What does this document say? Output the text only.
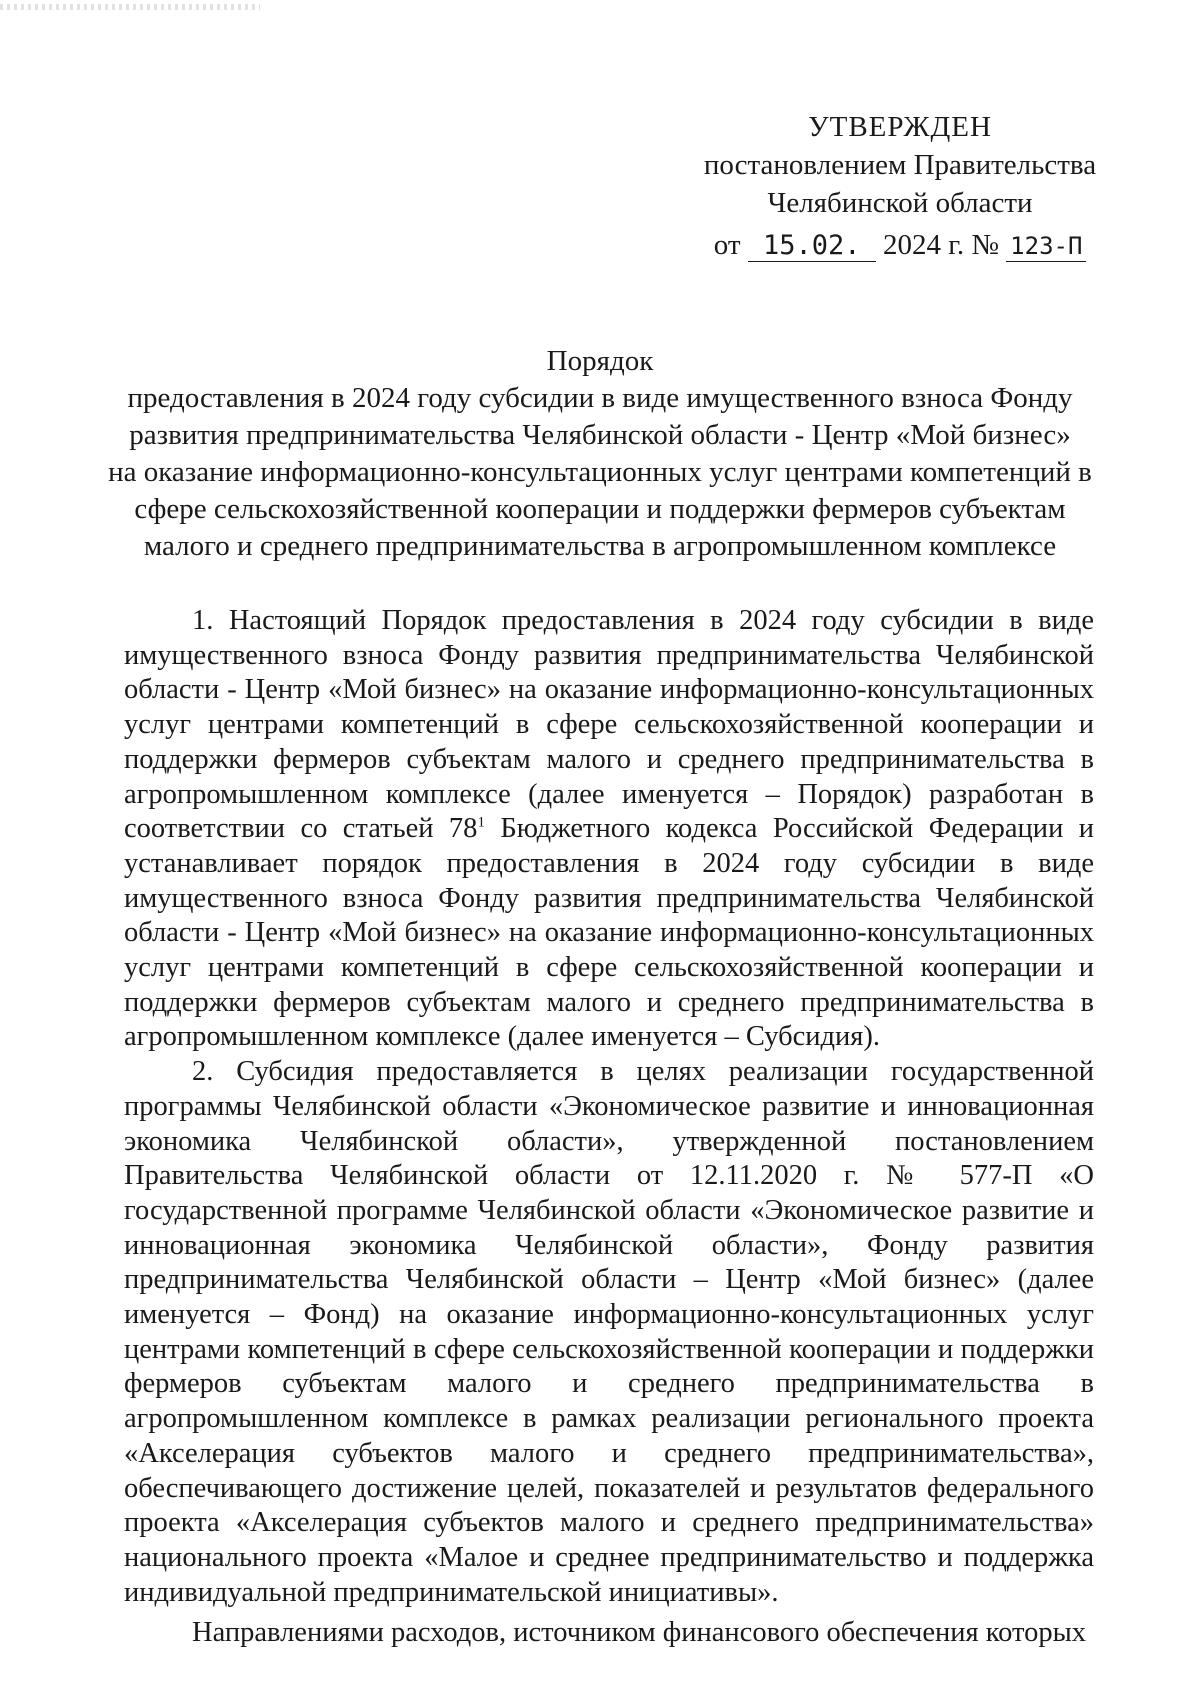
УТВЕРЖДЕН
постановлением Правительства
Челябинской области
от 15.02. 2024 г. № 123-П
Порядок
предоставления в 2024 году субсидии в виде имущественного взноса Фонду
развития предпринимательства Челябинской области - Центр «Мой бизнес»
на оказание информационно-консультационных услуг центрами компетенций в
сфере сельскохозяйственной кооперации и поддержки фермеров субъектам
малого и среднего предпринимательства в агропромышленном комплексе

1. Настоящий Порядок предоставления в 2024 году субсидии в виде имущественного взноса Фонду развития предпринимательства Челябинской области - Центр «Мой бизнес» на оказание информационно-консультационных услуг центрами компетенций в сфере сельскохозяйственной кооперации и поддержки фермеров субъектам малого и среднего предпринимательства в агропромышленном комплексе (далее именуется – Порядок) разработан в соответствии со статьей $78^1$ Бюджетного кодекса Российской Федерации и устанавливает порядок предоставления в 2024 году субсидии в виде имущественного взноса Фонду развития предпринимательства Челябинской области - Центр «Мой бизнес» на оказание информационно-консультационных услуг центрами компетенций в сфере сельскохозяйственной кооперации и поддержки фермеров субъектам малого и среднего предпринимательства в агропромышленном комплексе (далее именуется – Субсидия).

2. Субсидия предоставляется в целях реализации государственной программы Челябинской области «Экономическое развитие и инновационная экономика Челябинской области», утвержденной постановлением Правительства Челябинской области от 12.11.2020 г. № 577-П «О государственной программе Челябинской области «Экономическое развитие и инновационная экономика Челябинской области», Фонду развития предпринимательства Челябинской области – Центр «Мой бизнес» (далее именуется – Фонд) на оказание информационно-консультационных услуг центрами компетенций в сфере сельскохозяйственной кооперации и поддержки фермеров субъектам малого и среднего предпринимательства в агропромышленном комплексе в рамках реализации регионального проекта «Акселерация субъектов малого и среднего предпринимательства», обеспечивающего достижение целей, показателей и результатов федерального проекта «Акселерация субъектов малого и среднего предпринимательства» национального проекта «Малое и среднее предпринимательство и поддержка индивидуальной предпринимательской инициативы».

Направлениями расходов, источником финансового обеспечения которых
